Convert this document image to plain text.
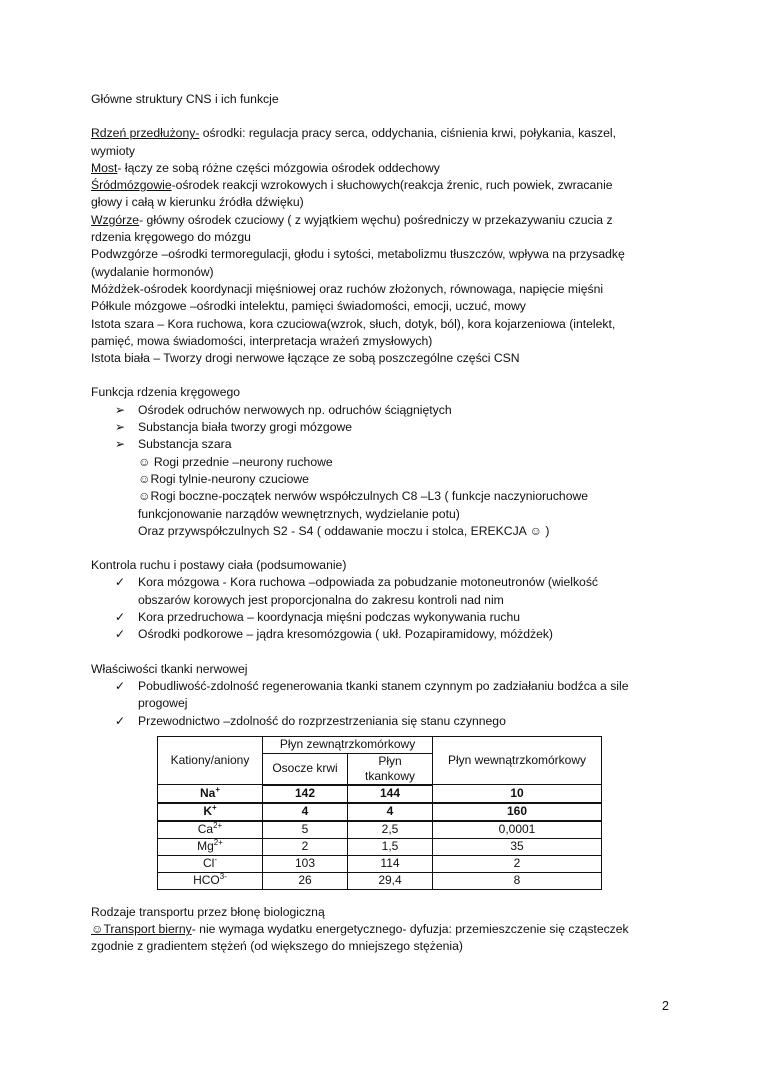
Główne struktury CNS i ich funkcje
Rdzeń przedłużony- ośrodki: regulacja pracy serca, oddychania, ciśnienia krwi, połykania, kaszel,
wymioty
Most- łączy ze sobą różne części mózgowia ośrodek oddechowy
Śródmózgowie-ośrodek reakcji wzrokowych i słuchowych(reakcja źrenic, ruch powiek, zwracanie
głowy i całą w kierunku źródła dźwięku)
Wzgórze- główny ośrodek czuciowy ( z wyjątkiem węchu) pośredniczy w przekazywaniu czucia z
rdzenia kręgowego do mózgu
Podwzgórze –ośrodki termoregulacji, głodu i sytości, metabolizmu tłuszczów, wpływa na przysadkę
(wydalanie hormonów)
Móżdżek-ośrodek koordynacji mięśniowej oraz ruchów złożonych, równowaga, napięcie mięśni
Półkule mózgowe –ośrodki intelektu, pamięci świadomości, emocji, uczuć, mowy
Istota szara – Kora ruchowa, kora czuciowa(wzrok, słuch, dotyk, ból), kora kojarzeniowa (intelekt,
pamięć, mowa świadomości, interpretacja wrażeń zmysłowych)
Istota biała – Tworzy drogi nerwowe łączące ze sobą poszczególne części CSN
Funkcja rdzenia kręgowego
➢ Ośrodek odruchów nerwowych np. odruchów ściągniętych
➢ Substancja biała tworzy grogi mózgowe
➢ Substancja szara
☺ Rogi przednie –neurony ruchowe
☺Rogi tylnie-neurony czuciowe
☺Rogi boczne-początek nerwów współczulnych C8 –L3 ( funkcje naczynioruchowe
funkcjonowanie narządów wewnętrznych, wydzielanie potu)
Oraz przywspółczulnych S2 - S4 ( oddawanie moczu i stolca, EREKCJA ☺ )
Kontrola ruchu i postawy ciała (podsumowanie)
✓ Kora mózgowa - Kora ruchowa –odpowiada za pobudzanie motoneutronów (wielkość
obszarów korowych jest proporcjonalna do zakresu kontroli nad nim
✓ Kora przedruchowa – koordynacja mięśni podczas wykonywania ruchu
✓ Ośrodki podkorowe – jądra kresomózgowia ( ukł. Pozapiramidowy, móżdżek)
Właściwości tkanki nerwowej
✓ Pobudliwość-zdolność regenerowania tkanki stanem czynnym po zadziałaniu bodźca a sile
progowej
✓ Przewodnictwo –zdolność do rozprzestrzeniania się stanu czynnego
Kationy/aniony	Płyn zewnątrzkomórkowy		Płyn wewnątrzkomórkowy
	Osocze krwi	Płyn tkankowy	
Na+	142	144	10
K+	4	4	160
$Ca^{2+}$	5	2,5	0,0001
$Mg^{2+}$	2	1,5	35
Cl-	103	114	2
$HCO^{3-}$	26	29,4	8
Rodzaje transportu przez błonę biologiczną
☺Transport bierny- nie wymaga wydatku energetycznego- dyfuzja: przemieszczenie się cząsteczek
zgodnie z gradientem stężeń (od większego do mniejszego stężenia)
2
